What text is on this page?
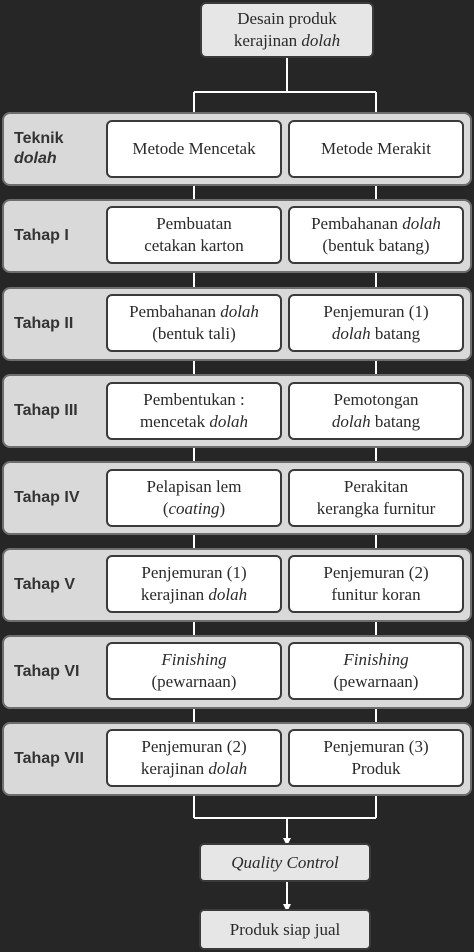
Desain produk
kerajinan dolah
Teknik
dolah
Metode Mencetak	Metode Merakit
Tahap I
Pembuatan
cetakan karton
Pembahanan dolah
(bentuk batang)
Tahap II
Pembahanan dolah
(bentuk tali)
Penjemuran (1)
dolah batang
Tahap III
Pembentukan :
mencetak dolah
Pemotongan
dolah batang
Tahap IV
Pelapisan lem
(coating)
Perakitan
kerangka furnitur
Tahap V
Penjemuran (1)
kerajinan dolah
Penjemuran (2)
funitur koran
Tahap VI
Finishing
(pewarnaan)
Finishing
(pewarnaan)
Tahap VII
Penjemuran (2)
kerajinan dolah
Penjemuran (3)
Produk
Quality Control
Produk siap jual
